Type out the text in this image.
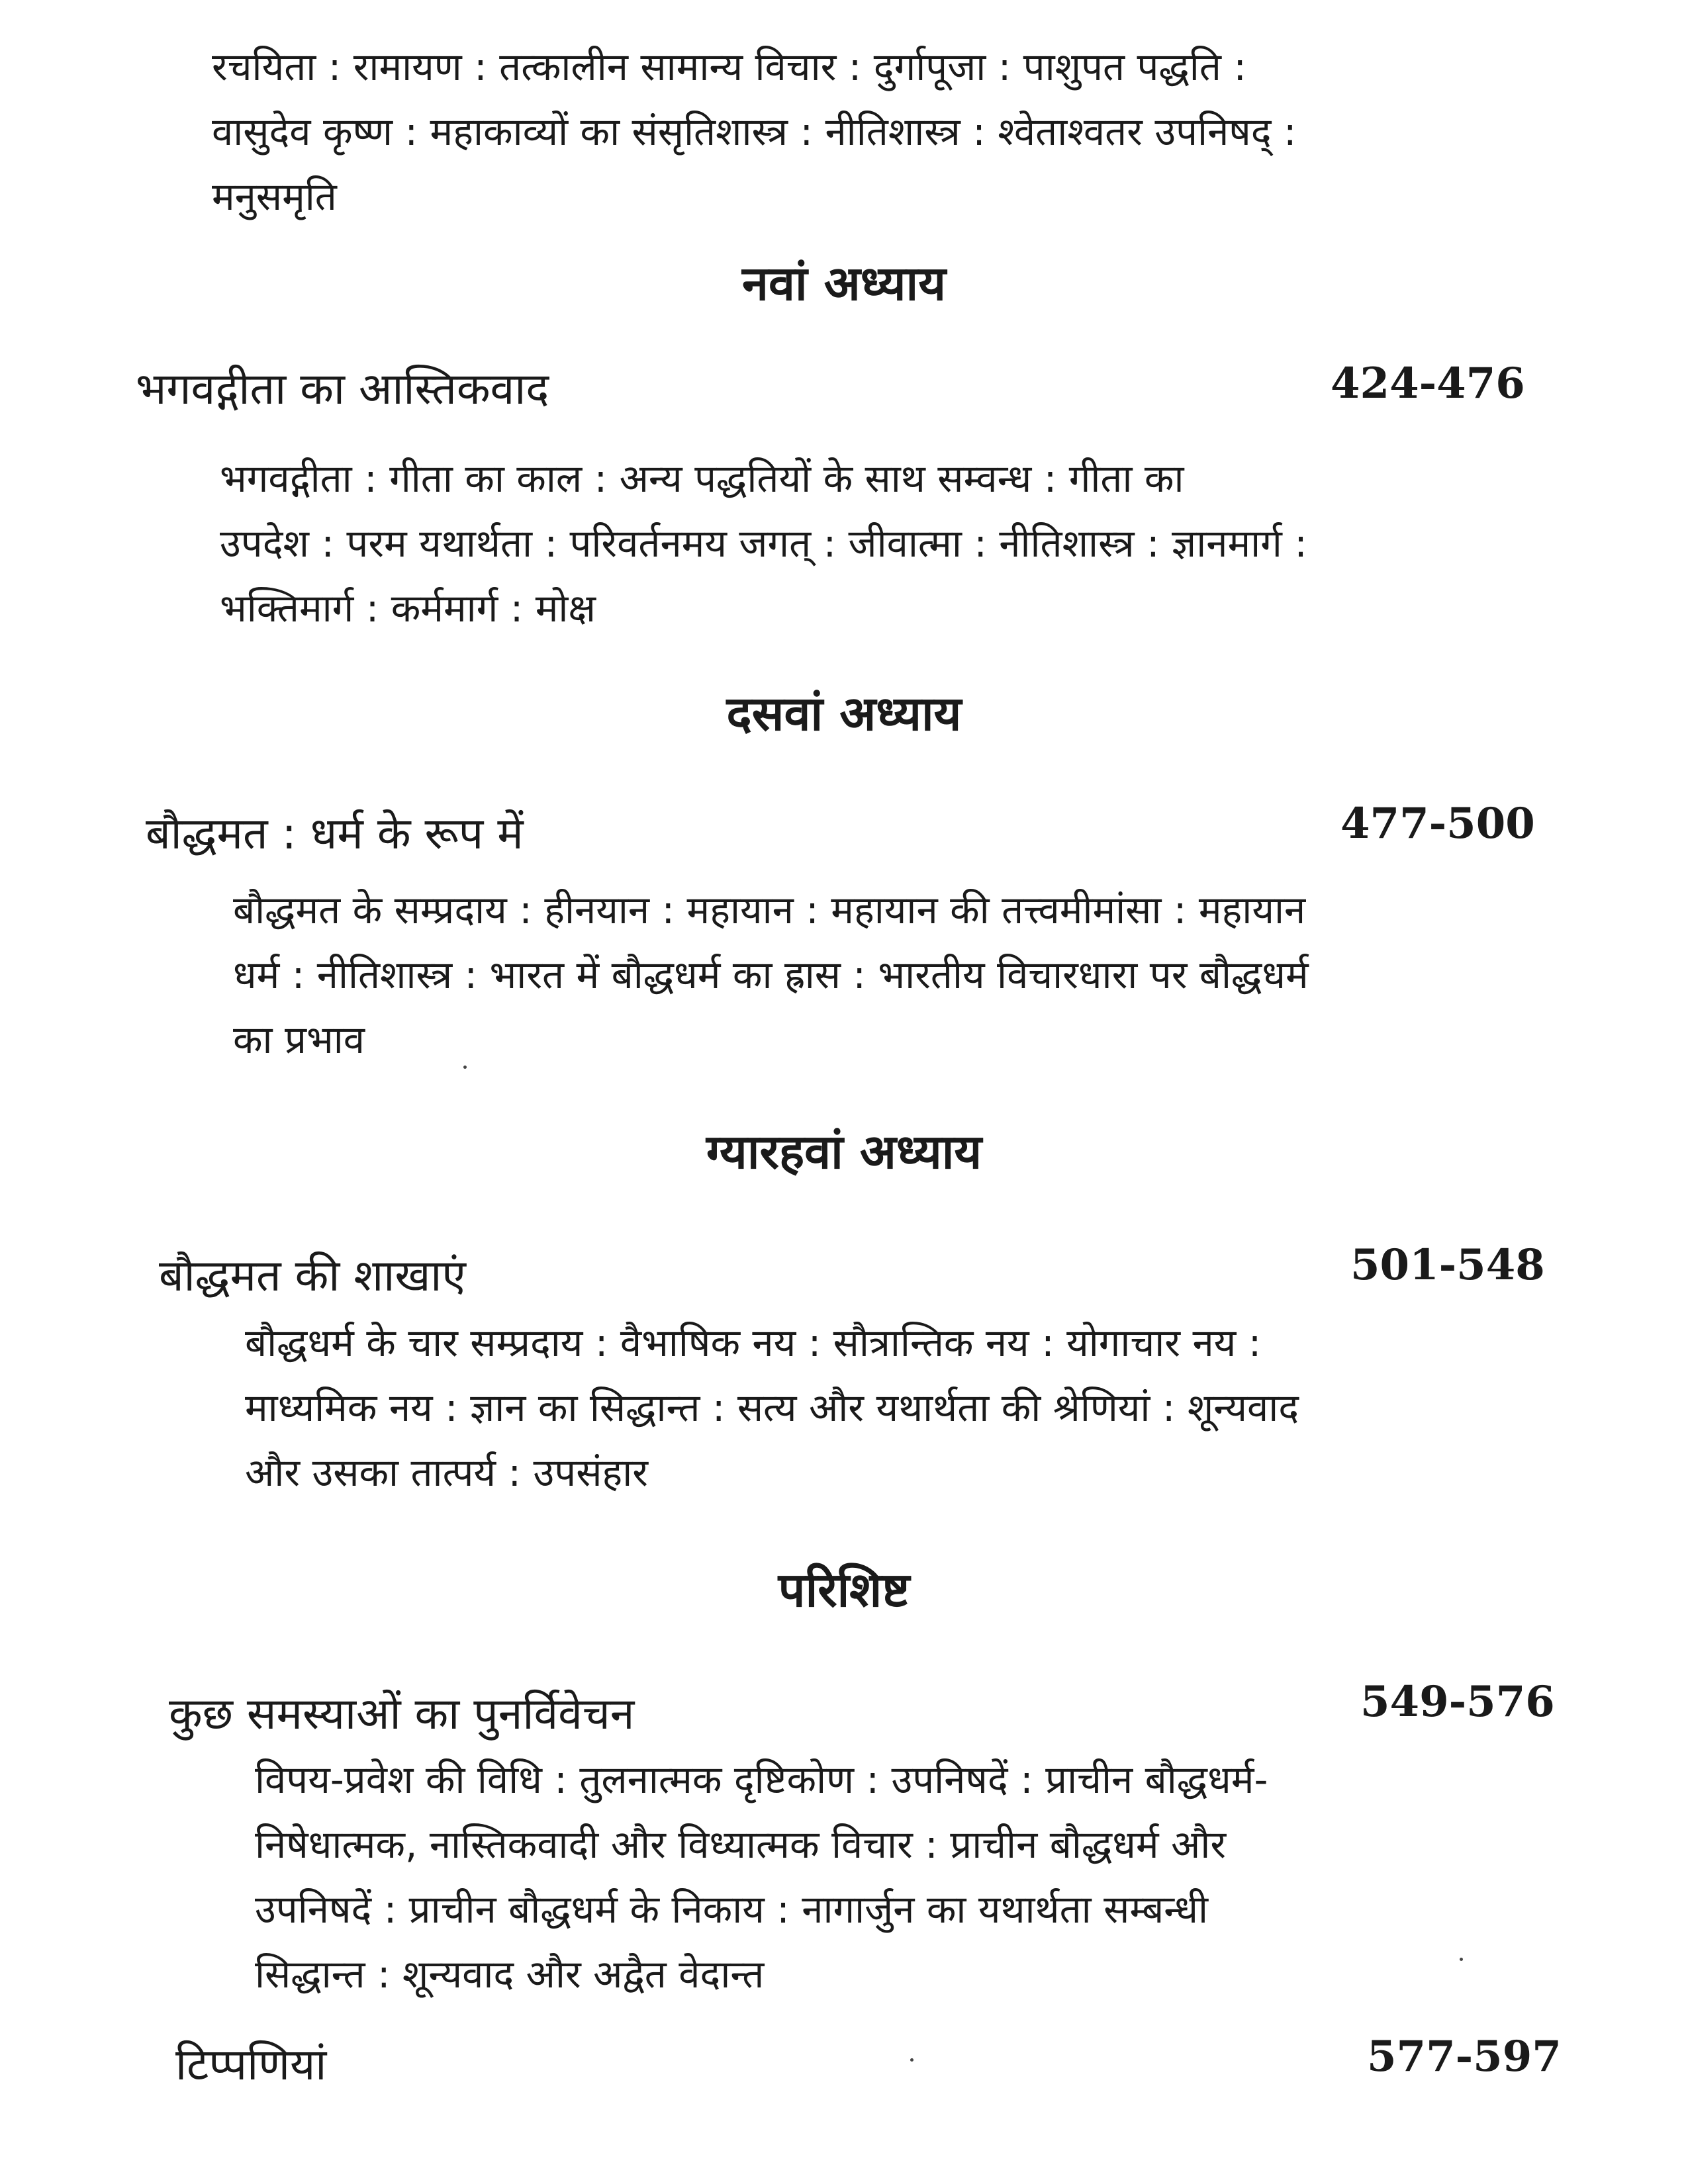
रचयिता : रामायण : तत्कालीन सामान्य विचार : दुर्गापूजा : पाशुपत पद्धति :
वासुदेव कृष्ण : महाकाव्यों का संसृतिशास्त्र : नीतिशास्त्र : श्वेताश्वतर उपनिषद् :
मनुसमृति
नवां अध्याय
भगवद्गीता का आस्तिकवाद	424-476
भगवद्गीता : गीता का काल : अन्य पद्धतियों के साथ सम्वन्ध : गीता का
उपदेश : परम यथार्थता : परिवर्तनमय जगत् : जीवात्मा : नीतिशास्त्र : ज्ञानमार्ग :
भक्तिमार्ग : कर्ममार्ग : मोक्ष
दसवां अध्याय
बौद्धमत : धर्म के रूप में	477-500
बौद्धमत के सम्प्रदाय : हीनयान : महायान : महायान की तत्त्वमीमांसा : महायान
धर्म : नीतिशास्त्र : भारत में बौद्धधर्म का ह्रास : भारतीय विचारधारा पर बौद्धधर्म
का प्रभाव
ग्यारहवां अध्याय
बौद्धमत की शाखाएं	501-548
बौद्धधर्म के चार सम्प्रदाय : वैभाषिक नय : सौत्रान्तिक नय : योगाचार नय :
माध्यमिक नय : ज्ञान का सिद्धान्त : सत्य और यथार्थता की श्रेणियां : शून्यवाद
और उसका तात्पर्य : उपसंहार
परिशिष्ट
कुछ समस्याओं का पुनर्विवेचन	549-576
विपय-प्रवेश की विधि : तुलनात्मक दृष्टिकोण : उपनिषदें : प्राचीन बौद्धधर्म-
निषेधात्मक, नास्तिकवादी और विध्यात्मक विचार : प्राचीन बौद्धधर्म और
उपनिषदें : प्राचीन बौद्धधर्म के निकाय : नागार्जुन का यथार्थता सम्बन्धी
सिद्धान्त : शून्यवाद और अद्वैत वेदान्त
टिप्पणियां	577-597
